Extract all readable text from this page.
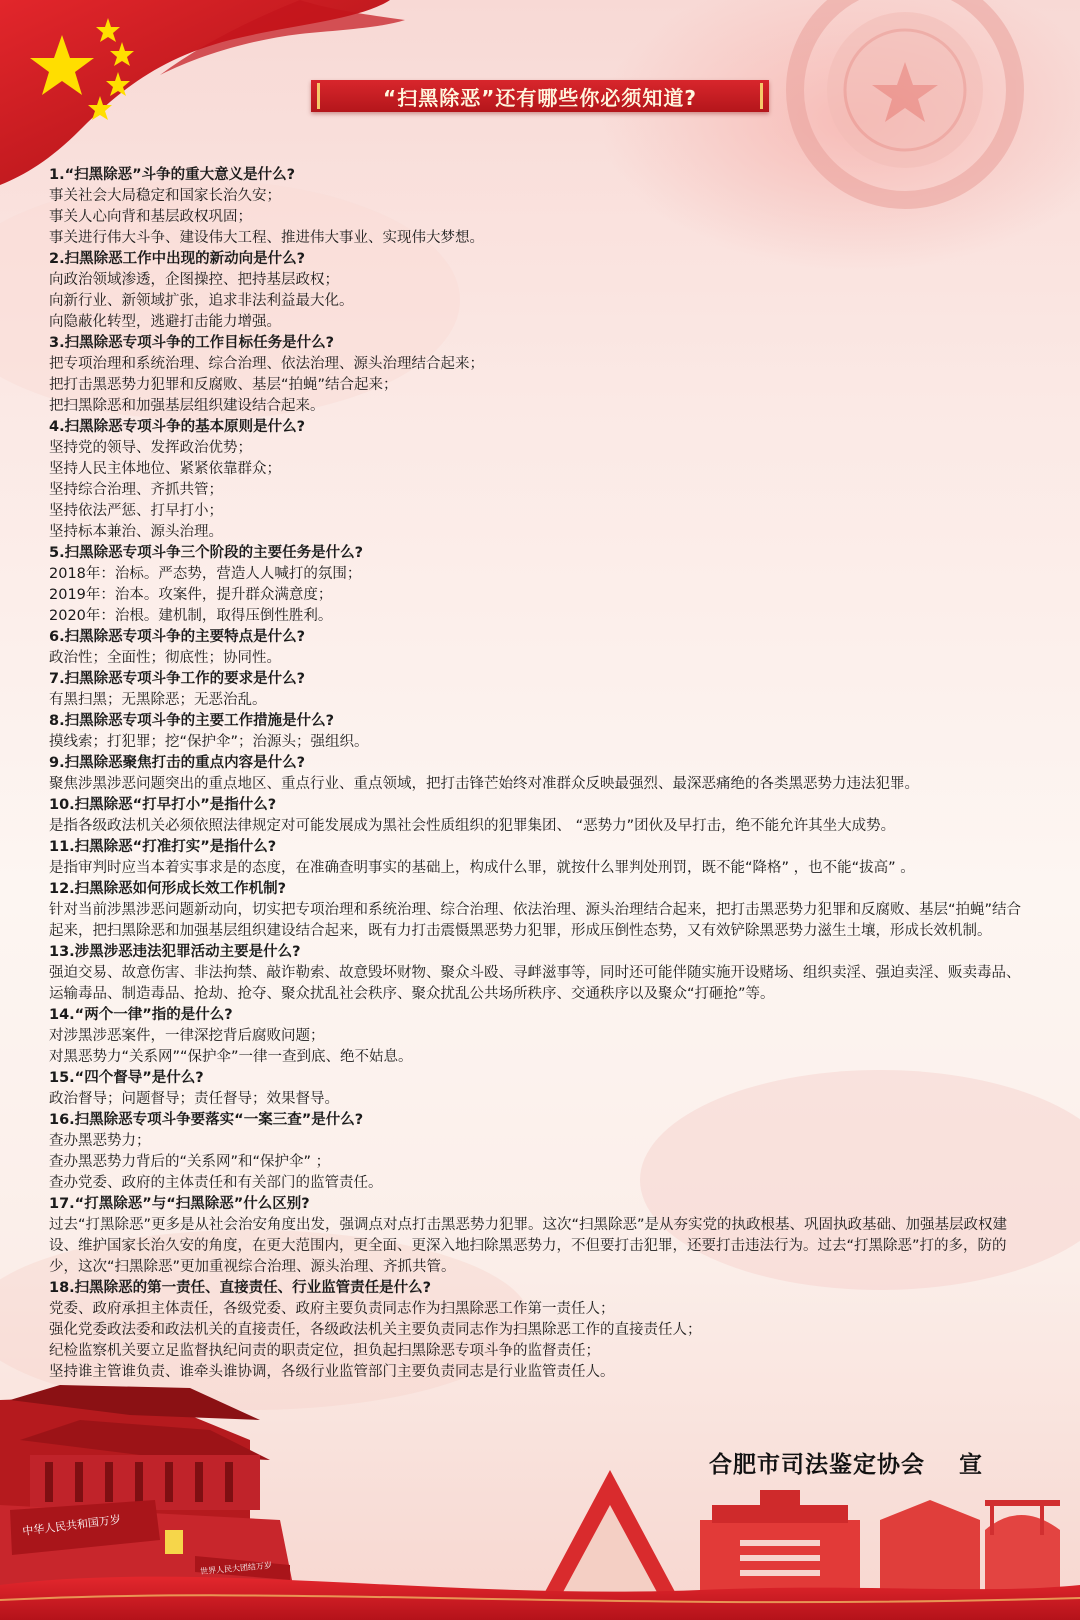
“扫黑除恶”还有哪些你必须知道?
1.“扫黑除恶”斗争的重大意义是什么?
事关社会大局稳定和国家长治久安；
事关人心向背和基层政权巩固；
事关进行伟大斗争、建设伟大工程、推进伟大事业、实现伟大梦想。
2.扫黑除恶工作中出现的新动向是什么?
向政治领域渗透，企图操控、把持基层政权；
向新行业、新领域扩张，追求非法利益最大化。
向隐蔽化转型，逃避打击能力增强。
3.扫黑除恶专项斗争的工作目标任务是什么?
把专项治理和系统治理、综合治理、依法治理、源头治理结合起来；
把打击黑恶势力犯罪和反腐败、基层“拍蝇”结合起来；
把扫黑除恶和加强基层组织建设结合起来。
4.扫黑除恶专项斗争的基本原则是什么?
坚持党的领导、发挥政治优势；
坚持人民主体地位、紧紧依靠群众；
坚持综合治理、齐抓共管；
坚持依法严惩、打早打小；
坚持标本兼治、源头治理。
5.扫黑除恶专项斗争三个阶段的主要任务是什么?
2018年：治标。严态势，营造人人喊打的氛围；
2019年：治本。攻案件，提升群众满意度；
2020年：治根。建机制，取得压倒性胜利。
6.扫黑除恶专项斗争的主要特点是什么?
政治性；全面性；彻底性；协同性。
7.扫黑除恶专项斗争工作的要求是什么?
有黑扫黑；无黑除恶；无恶治乱。
8.扫黑除恶专项斗争的主要工作措施是什么?
摸线索；打犯罪；挖“保护伞”；治源头；强组织。
9.扫黑除恶聚焦打击的重点内容是什么?
聚焦涉黑涉恶问题突出的重点地区、重点行业、重点领域，把打击锋芒始终对准群众反映最强烈、最深恶痛绝的各类黑恶势力违法犯罪。
10.扫黑除恶“打早打小”是指什么?
是指各级政法机关必须依照法律规定对可能发展成为黑社会性质组织的犯罪集团、 “恶势力”团伙及早打击，绝不能允许其坐大成势。
11.扫黑除恶“打准打实”是指什么?
是指审判时应当本着实事求是的态度，在准确查明事实的基础上，构成什么罪，就按什么罪判处刑罚，既不能“降格” ，也不能“拔高” 。
12.扫黑除恶如何形成长效工作机制?
针对当前涉黑涉恶问题新动向，切实把专项治理和系统治理、综合治理、依法治理、源头治理结合起来，把打击黑恶势力犯罪和反腐败、基层“拍蝇”结合起来，把扫黑除恶和加强基层组织建设结合起来，既有力打击震慑黑恶势力犯罪，形成压倒性态势，又有效铲除黑恶势力滋生土壤，形成长效机制。
13.涉黑涉恶违法犯罪活动主要是什么?
强迫交易、故意伤害、非法拘禁、敲诈勒索、故意毁坏财物、聚众斗殴、寻衅滋事等，同时还可能伴随实施开设赌场、组织卖淫、强迫卖淫、贩卖毒品、运输毒品、制造毒品、抢劫、抢夺、聚众扰乱社会秩序、聚众扰乱公共场所秩序、交通秩序以及聚众“打砸抢”等。
14.“两个一律”指的是什么?
对涉黑涉恶案件，一律深挖背后腐败问题；
对黑恶势力“关系网”“保护伞”一律一查到底、绝不姑息。
15.“四个督导”是什么?
政治督导；问题督导；责任督导；效果督导。
16.扫黑除恶专项斗争要落实“一案三查”是什么?
查办黑恶势力；
查办黑恶势力背后的“关系网”和“保护伞” ；
查办党委、政府的主体责任和有关部门的监管责任。
17.“打黑除恶”与“扫黑除恶”什么区别?
过去“打黑除恶”更多是从社会治安角度出发，强调点对点打击黑恶势力犯罪。这次“扫黑除恶”是从夯实党的执政根基、巩固执政基础、加强基层政权建设、维护国家长治久安的角度，在更大范围内，更全面、更深入地扫除黑恶势力，不但要打击犯罪，还要打击违法行为。过去“打黑除恶”打的多，防的少，这次“扫黑除恶”更加重视综合治理、源头治理、齐抓共管。
18.扫黑除恶的第一责任、直接责任、行业监管责任是什么?
党委、政府承担主体责任，各级党委、政府主要负责同志作为扫黑除恶工作第一责任人；
强化党委政法委和政法机关的直接责任，各级政法机关主要负责同志作为扫黑除恶工作的直接责任人；
纪检监察机关要立足监督执纪问责的职责定位，担负起扫黑除恶专项斗争的监督责任；
坚持谁主管谁负责、谁牵头谁协调，各级行业监管部门主要负责同志是行业监管责任人。
合肥市司法鉴定协会 宣
中华人民共和国万岁
世界人民大团结万岁
